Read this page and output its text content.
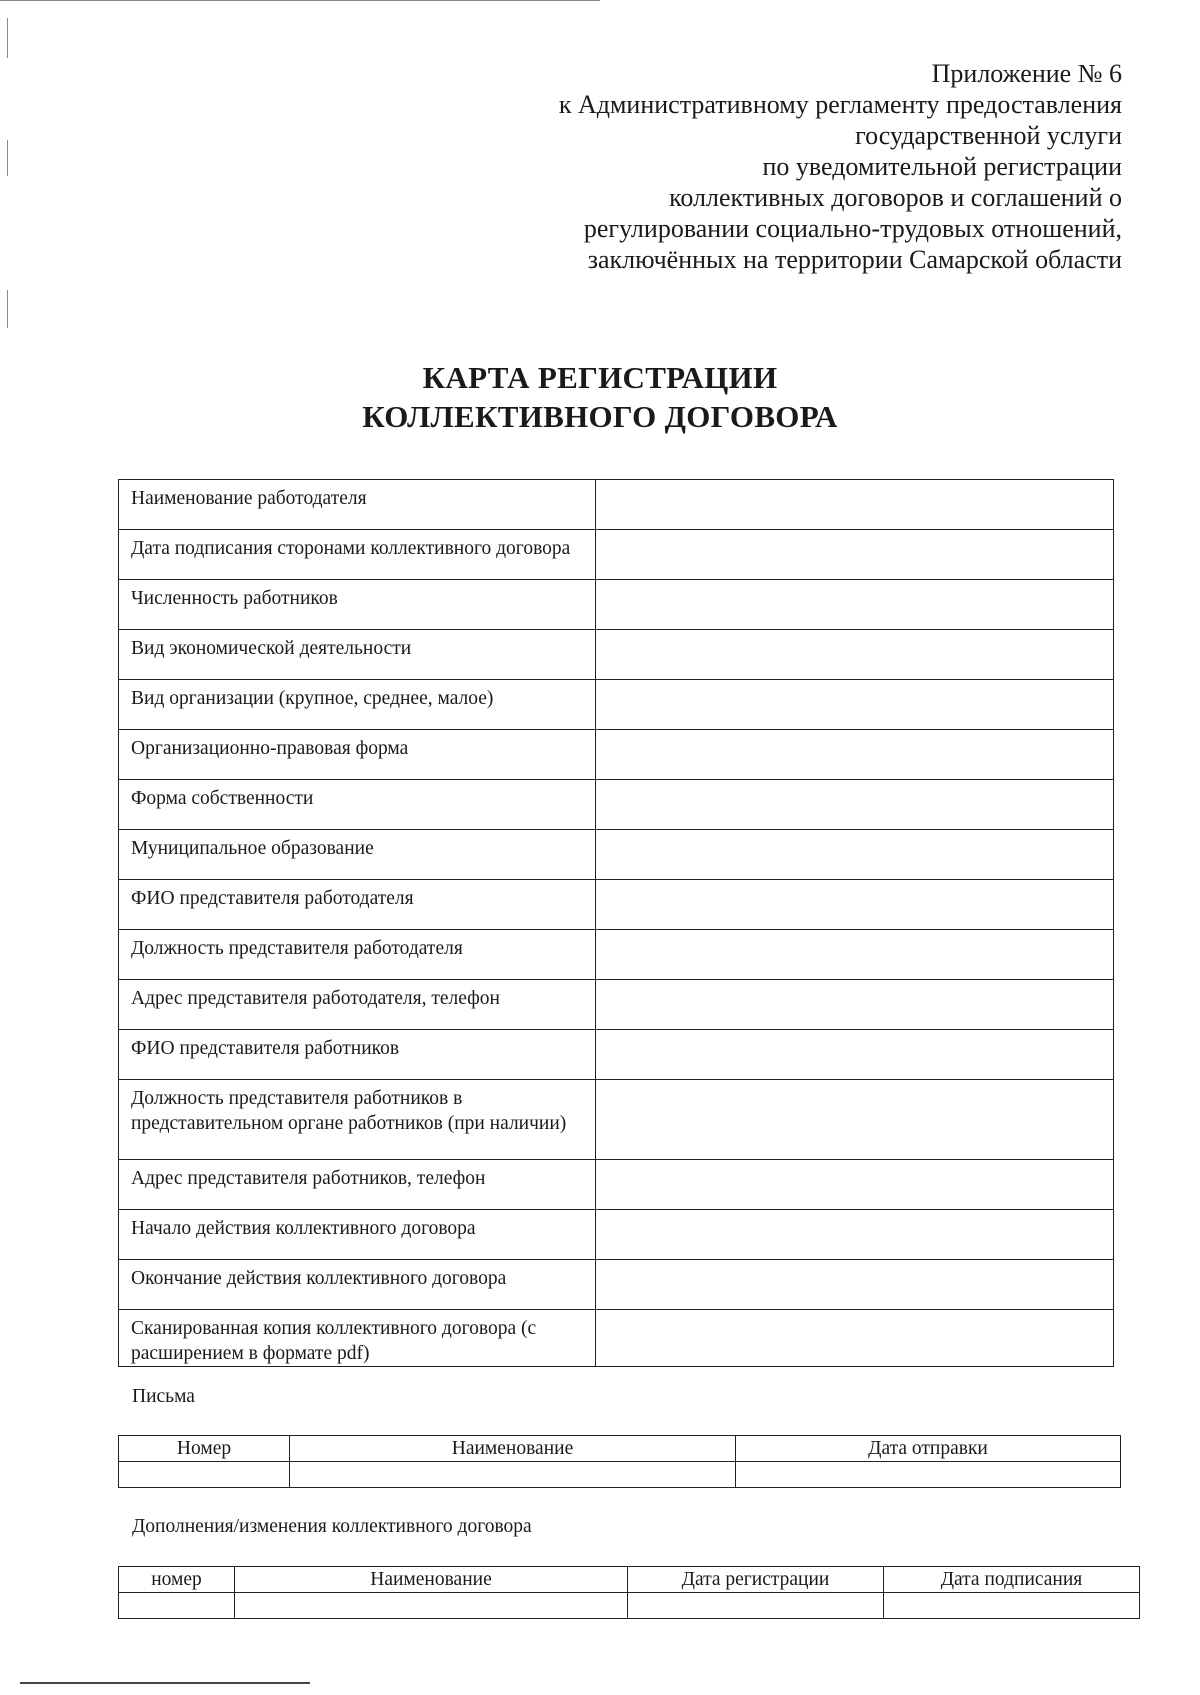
Приложение № 6
к Административному регламенту предоставления
государственной услуги
по уведомительной регистрации
коллективных договоров и соглашений о
регулировании социально-трудовых отношений,
заключённых на территории Самарской области
КАРТА РЕГИСТРАЦИИ
КОЛЛЕКТИВНОГО ДОГОВОРА
Наименование работодателя	
Дата подписания сторонами коллективного договора	
Численность работников	
Вид экономической деятельности	
Вид организации (крупное, среднее, малое)	
Организационно-правовая форма	
Форма собственности	
Муниципальное образование	
ФИО представителя работодателя	
Должность представителя работодателя	
Адрес представителя работодателя, телефон	
ФИО представителя работников	
Должность представителя работников в представительном органе работников (при наличии)	
Адрес представителя работников, телефон	
Начало действия коллективного договора	
Окончание действия коллективного договора	
Сканированная копия коллективного договора (с расширением в формате pdf)	
Письма
Номер	Наименование	Дата отправки

Дополнения/изменения коллективного договора
номер	Наименование	Дата регистрации	Дата подписания
